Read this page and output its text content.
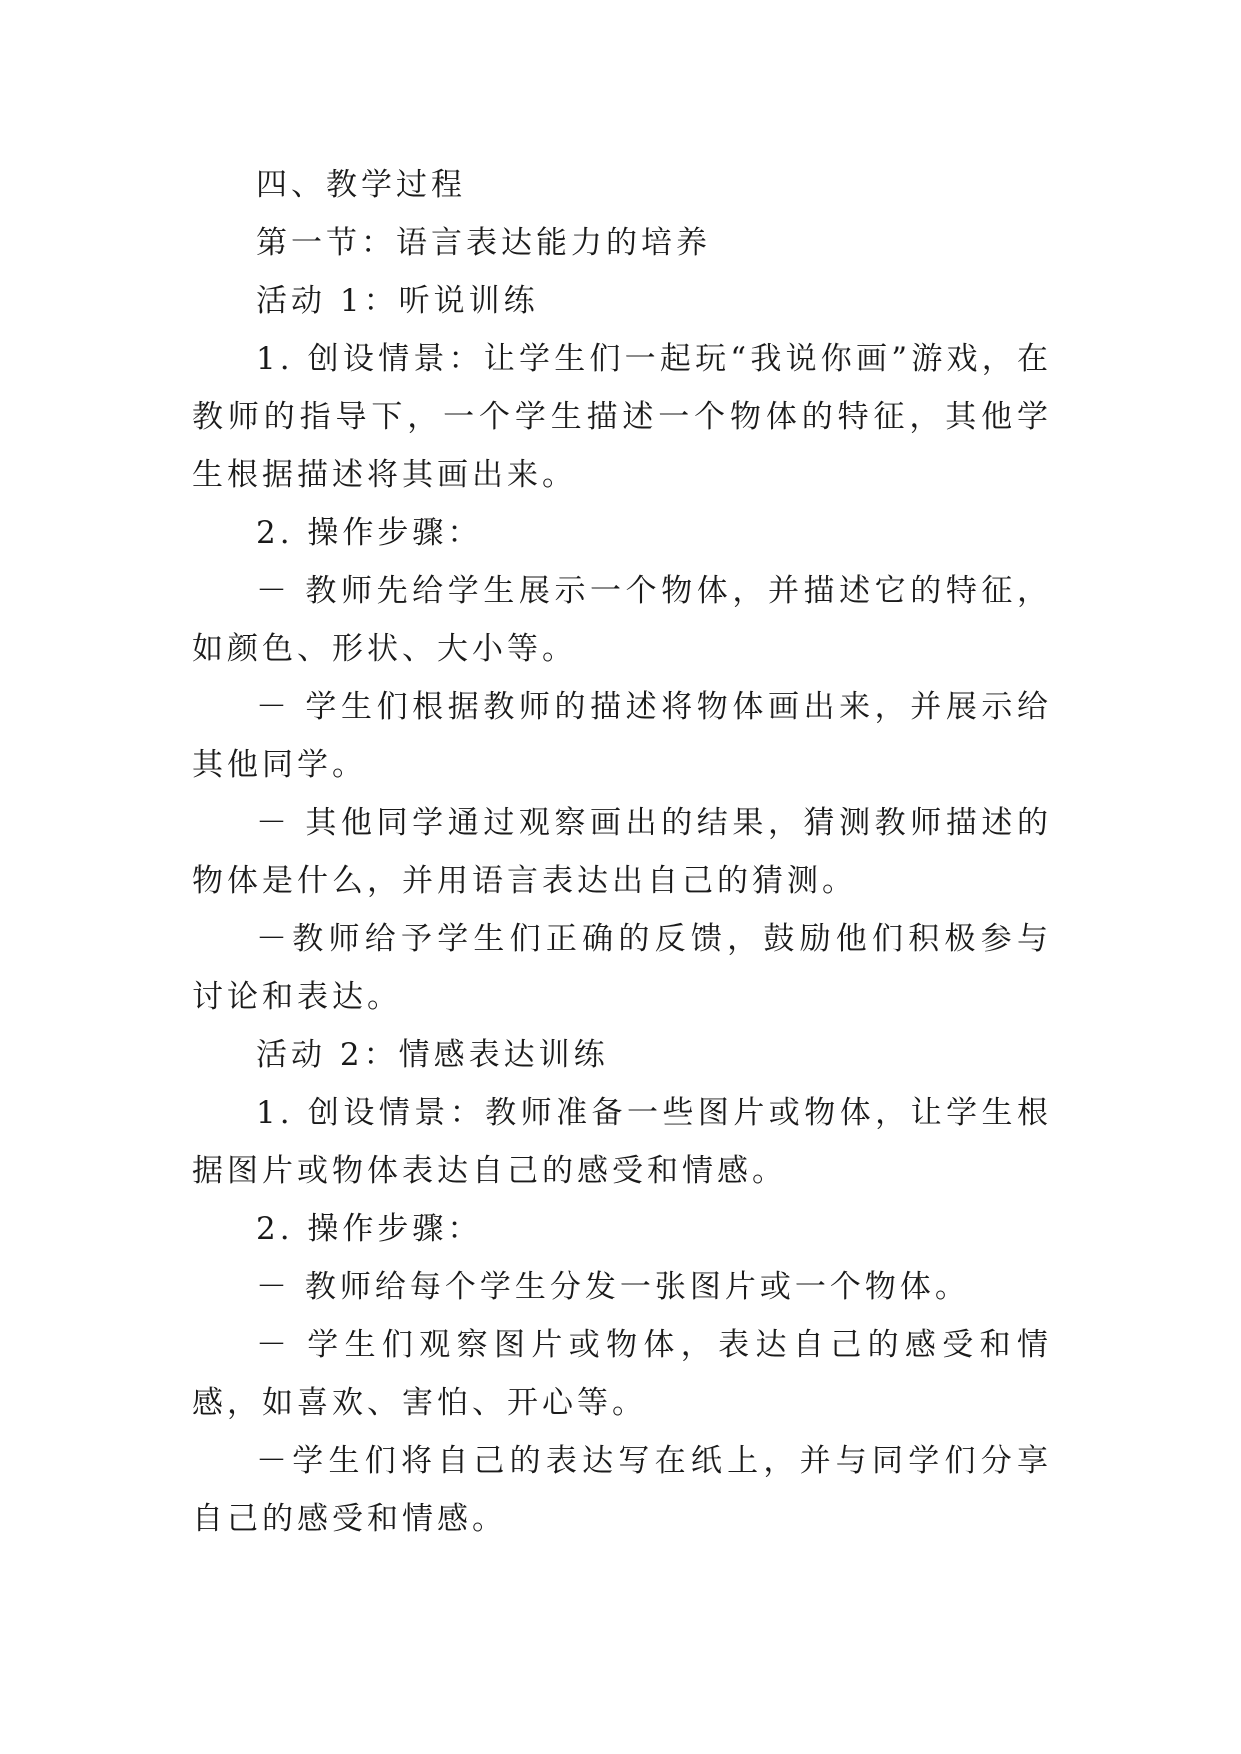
四、教学过程

第一节：语言表达能力的培养

活动 1：听说训练

1. 创设情景：让学生们一起玩“我说你画”游戏，在教师的指导下，一个学生描述一个物体的特征，其他学生根据描述将其画出来。

2. 操作步骤：

－ 教师先给学生展示一个物体，并描述它的特征，如颜色、形状、大小等。

－ 学生们根据教师的描述将物体画出来，并展示给其他同学。

－ 其他同学通过观察画出的结果，猜测教师描述的物体是什么，并用语言表达出自己的猜测。

－教师给予学生们正确的反馈，鼓励他们积极参与讨论和表达。

活动 2：情感表达训练

1. 创设情景：教师准备一些图片或物体，让学生根据图片或物体表达自己的感受和情感。

2. 操作步骤：

－ 教师给每个学生分发一张图片或一个物体。

－ 学生们观察图片或物体，表达自己的感受和情感，如喜欢、害怕、开心等。

－学生们将自己的表达写在纸上，并与同学们分享自己的感受和情感。
